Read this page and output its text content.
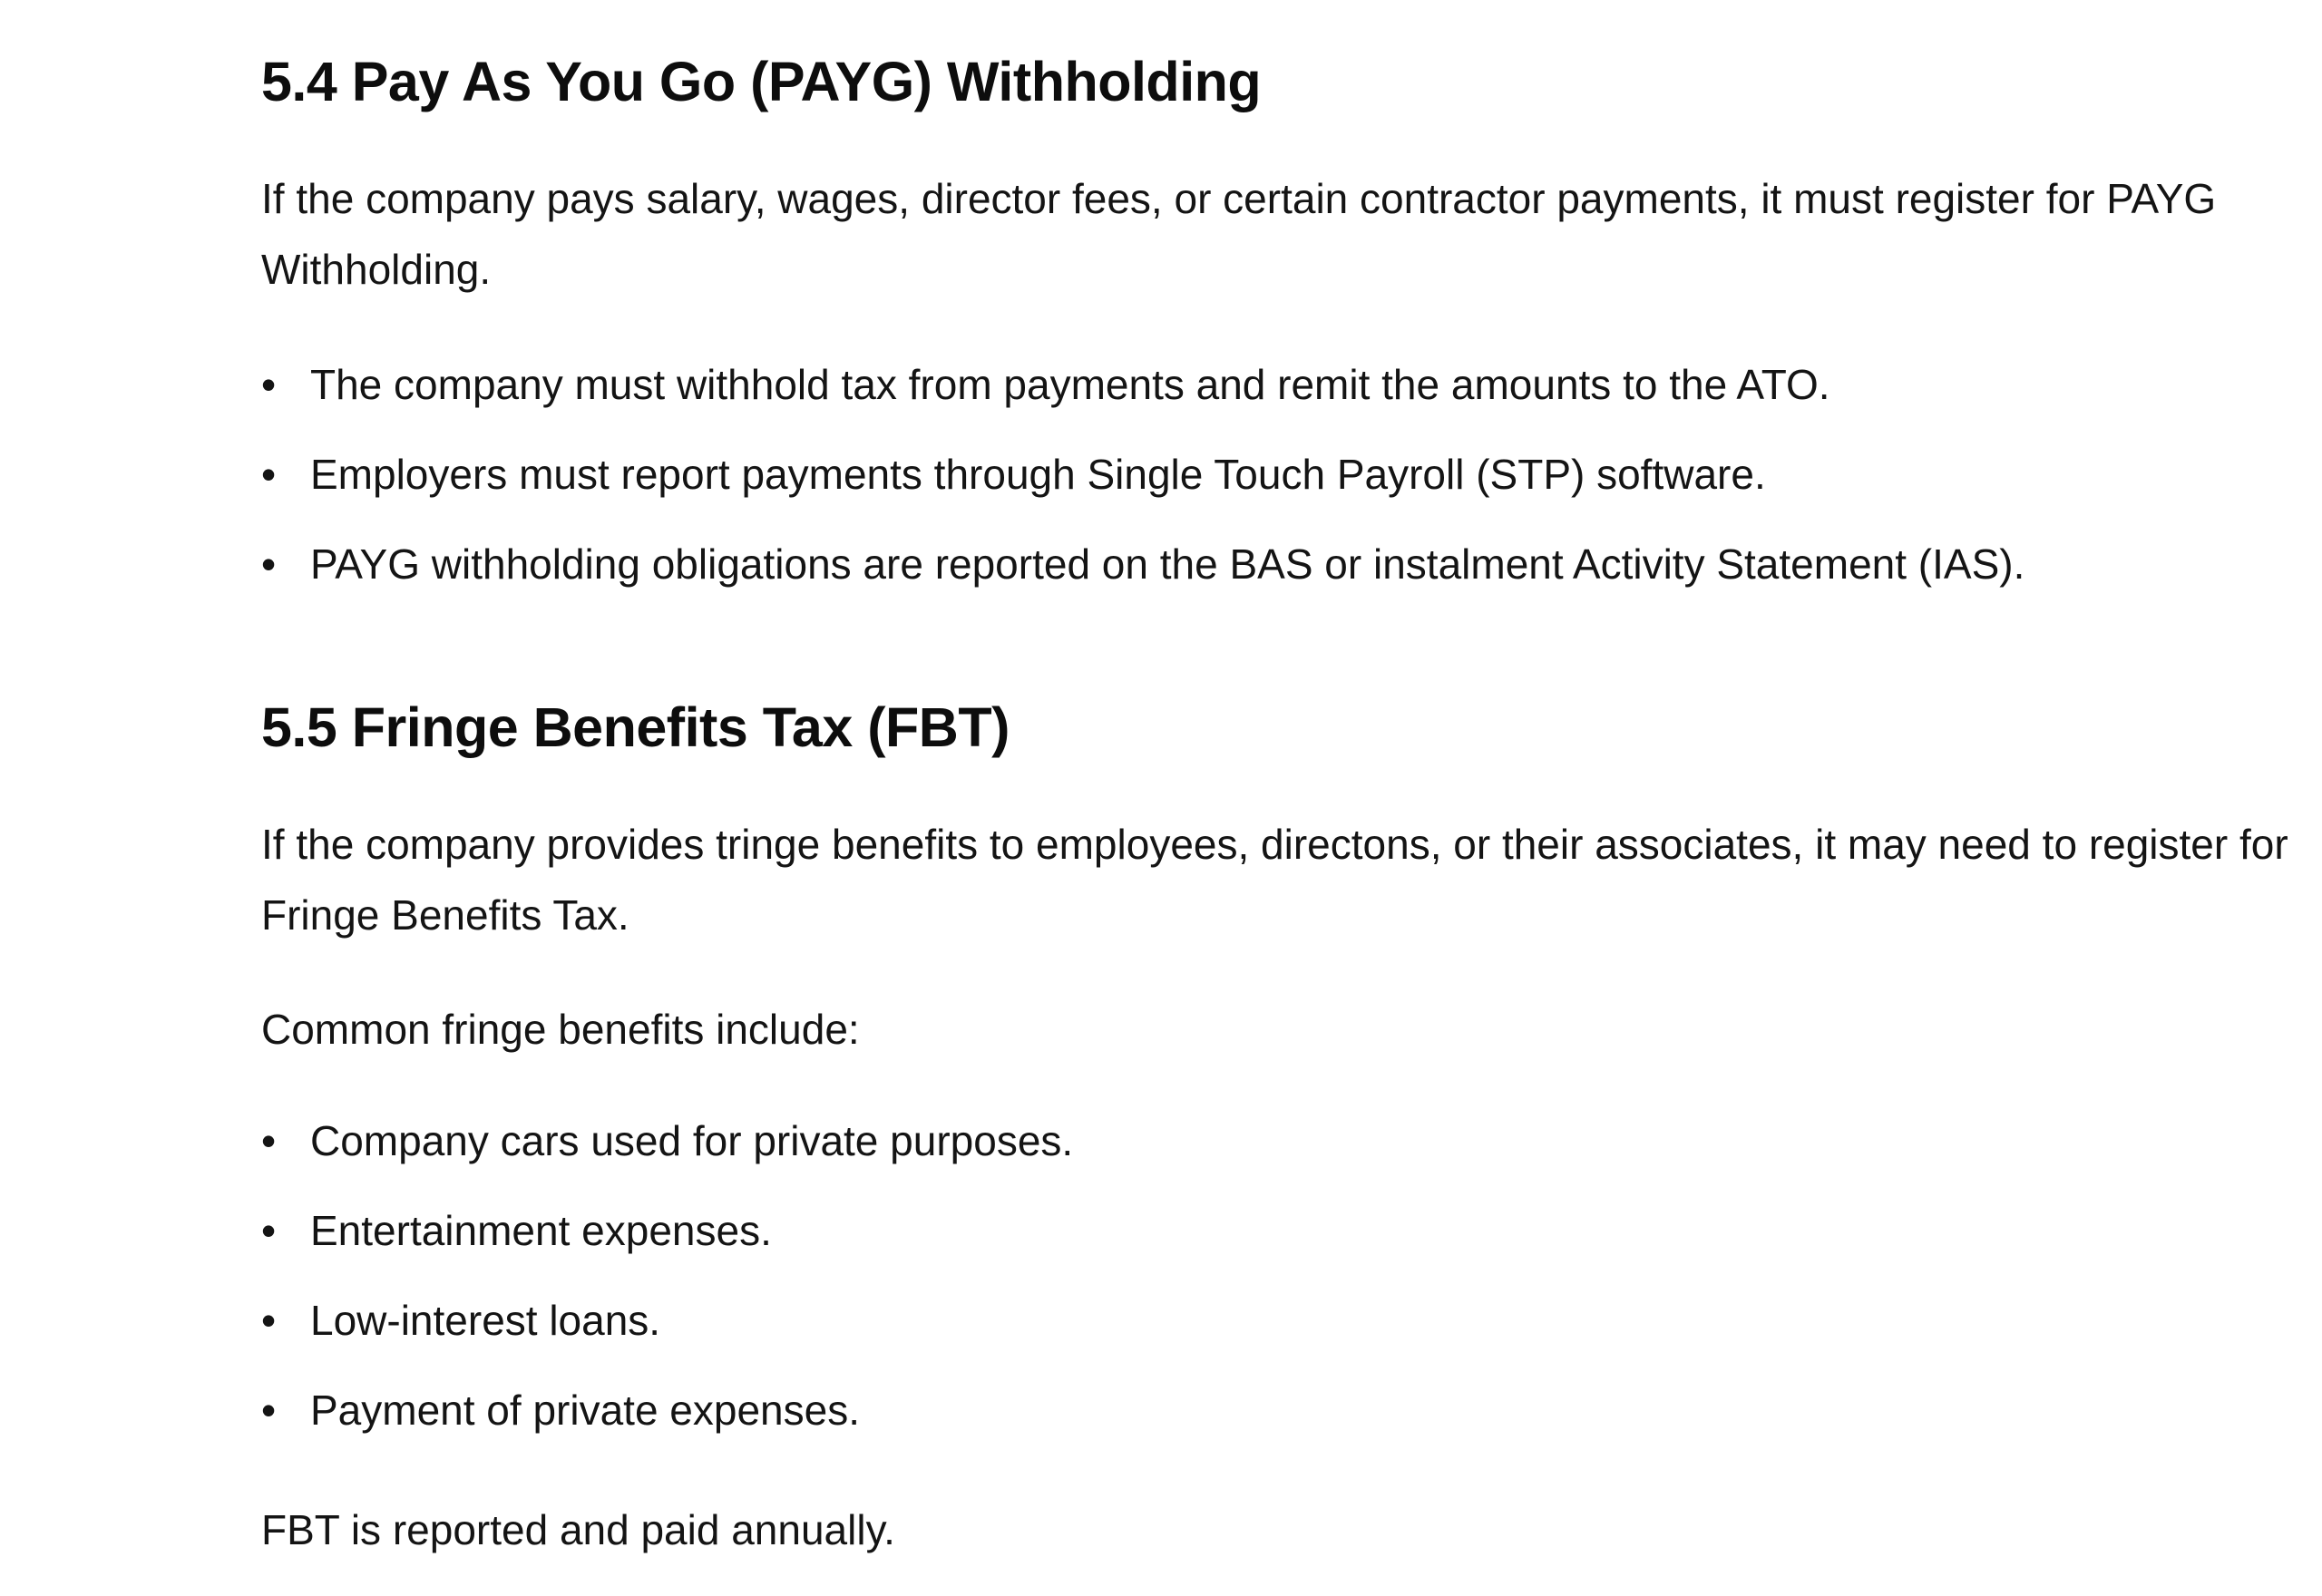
5.4 Pay As You Go (PAYG) Withholding

If the company pays salary, wages, director fees, or certain contractor payments, it must register for PAYG Withholding.

• The company must withhold tax from payments and remit the amounts to the ATO.
• Employers must report payments through Single Touch Payroll (STP) software.
• PAYG withholding obligations are reported on the BAS or instalment Activity Statement (IAS).
5.5 Fringe Benefits Tax (FBT)

If the company provides tringe benefits to employees, directons, or their associates, it may need to register for Fringe Benefits Tax.

Common fringe benefits include:

• Company cars used for private purposes.
• Entertainment expenses.
• Low-interest loans.
• Payment of private expenses.

FBT is reported and paid annually.
